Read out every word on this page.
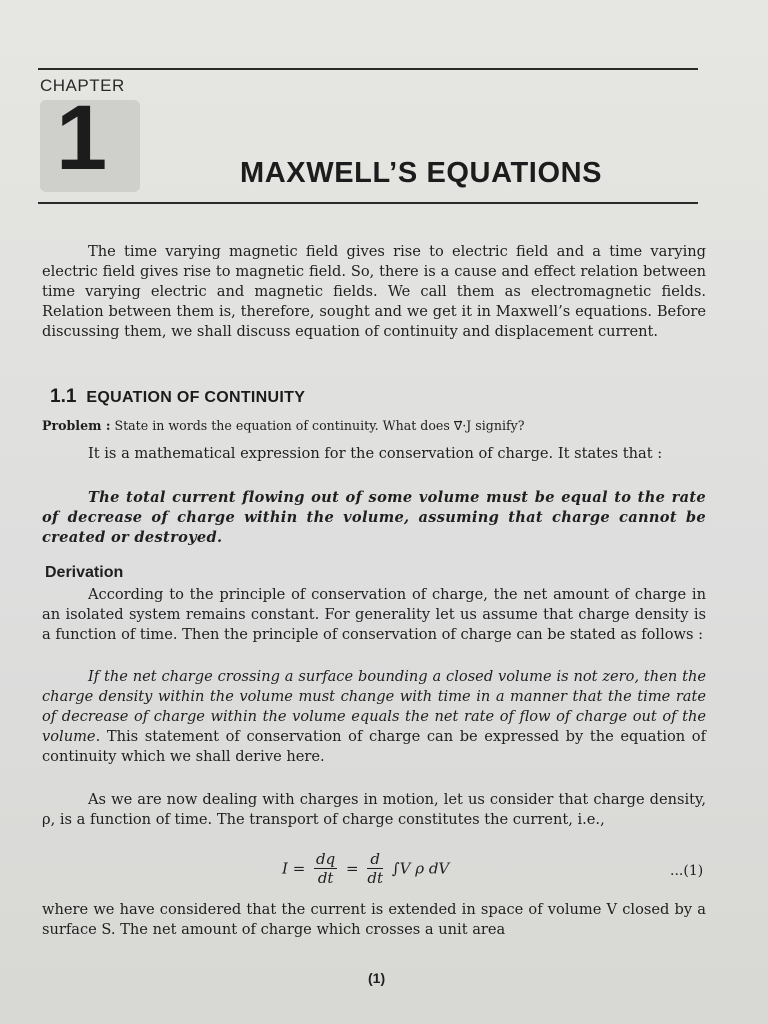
CHAPTER
1	MAXWELL’S EQUATIONS
The time varying magnetic field gives rise to electric field and a time varying electric field gives rise to magnetic field. So, there is a cause and effect relation between time varying electric and magnetic fields. We call them as electromagnetic fields. Relation between them is, therefore, sought and we get it in Maxwell’s equations. Before discussing them, we shall discuss equation of continuity and displacement current.
1.1 EQUATION OF CONTINUITY
Problem : State in words the equation of continuity. What does ∇⃗·J signify?
It is a mathematical expression for the conservation of charge. It states that :
The total current flowing out of some volume must be equal to the rate of decrease of charge within the volume, assuming that charge cannot be created or destroyed.
Derivation
According to the principle of conservation of charge, the net amount of charge in an isolated system remains constant. For generality let us assume that charge density is a function of time. Then the principle of conservation of charge can be stated as follows :
If the net charge crossing a surface bounding a closed volume is not zero, then the charge density within the volume must change with time in a manner that the time rate of decrease of charge within the volume equals the net rate of flow of charge out of the volume. This statement of conservation of charge can be expressed by the equation of continuity which we shall derive here.
As we are now dealing with charges in motion, let us consider that charge density, ρ, is a function of time. The transport of charge constitutes the current, i.e.,
$I = \frac{dq}{dt} = \frac{d}{dt} \int V$ ρ dV	...(1)
where we have considered that the current is extended in space of volume V closed by a surface S. The net amount of charge which crosses a unit area
(1)
